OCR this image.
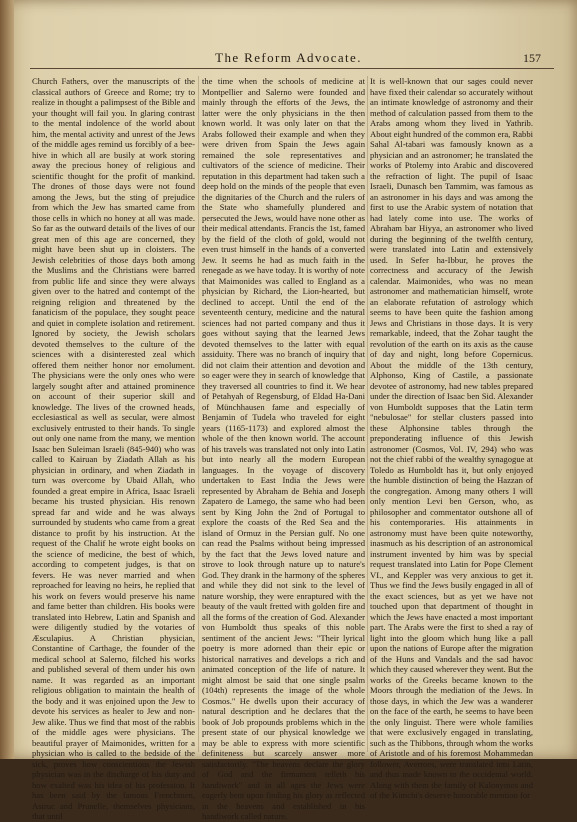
The Reform Advocate.	157

Church Fathers, over the manuscripts of the classical authors of Greece and Rome; try to realize in thought a palimpsest of the Bible and your thought will fail you. In glaring contrast to the mental indolence of the world about him, the mental activity and unrest of the Jews of the middle ages remind us forcibly of a bee-hive in which all are busily at work storing away the precious honey of religious and scientific thought for the profit of mankind. The drones of those days were not found among the Jews, but the sting of prejudice from which the Jew has smarted came from those cells in which no honey at all was made. So far as the outward details of the lives of our great men of this age are concerned, they might have been shut up in cloisters. The Jewish celebrities of those days both among the Muslims and the Christians were barred from public life and since they were always given over to the hatred and contempt of the reigning religion and threatened by the fanaticism of the populace, they sought peace and quiet in complete isolation and retirement. Ignored by society, the Jewish scholars devoted themselves to the culture of the sciences with a disinterested zeal which offered them neither honor nor emolument. The physicians were the only ones who were largely sought after and attained prominence on account of their superior skill and knowledge. The lives of the crowned heads, ecclesiastical as well as secular, were almost exclusively entrusted to their hands. To single out only one name from the many, we mention Isaac ben Suleiman Israeli (845-940) who was called to Kairuan by Ziadath Allah as his physician in ordinary, and when Ziadath in turn was overcome by Ubaid Allah, who founded a great empire in Africa, Isaac Israeli became his trusted physician. His renown spread far and wide and he was always surrounded by students who came from a great distance to profit by his instruction. At the request of the Chalif he wrote eight books on the science of medicine, the best of which, according to competent judges, is that on fevers. He was never married and when reproached for leaving no heirs, he replied that his work on fevers would preserve his name and fame better than children. His books were translated into Hebrew, Latin and Spanish and were diligently studied by the votaries of Æsculapius. A Christian physician, Constantine of Carthage, the founder of the medical school at Salerno, filched his works and published several of them under his own name. It was regarded as an important religious obligation to maintain the health of the body and it was enjoined upon the Jew to devote his services as healer to Jew and non-Jew alike. Thus we find that most of the rabbis of the middle ages were physicians. The beautiful prayer of Maimonides, written for a physician who is called to the bedside of the sick, proves how conscientious the Jewish physician was in the discharge of his duty and how exalted was his idea of his profession. It has been said by the famous Frenchmen, Astruc and Prunelle, themselves physicians, that until

the time when the schools of medicine at Montpellier and Salerno were founded and mainly through the efforts of the Jews, the latter were the only physicians in the then known world. It was only later on that the Arabs followed their example and when they were driven from Spain the Jews again remained the sole representatives and cultivators of the science of medicine. Their reputation in this department had taken such a deep hold on the minds of the people that even the dignitaries of the Church and the rulers of the State who shamefully plundered and persecuted the Jews, would have none other as their medical attendants. Francis the 1st, famed by the field of the cloth of gold, would not even trust himself in the hands of a converted Jew. It seems he had as much faith in the renegade as we have today. It is worthy of note that Maimonides was called to England as a physician by Richard, the Lion-hearted, but declined to accept. Until the end of the seventeenth century, medicine and the natural sciences had not parted company and thus it goes without saying that the learned Jews devoted themselves to the latter with equal assiduity. There was no branch of inquiry that did not claim their attention and devotion and so eager were they in search of knowledge that they traversed all countries to find it. We hear of Petahyah of Regensburg, of Eldad Ha-Dani of Münchhausen fame and especially of Benjamin of Tudela who traveled for eight years (1165-1173) and explored almost the whole of the then known world. The account of his travels was translated not only into Latin but into nearly all the modern European languages. In the voyage of discovery undertaken to East India the Jews were represented by Abraham de Behia and Joseph Zapatero de Lamego, the same who had been sent by King John the 2nd of Portugal to explore the coasts of the Red Sea and the island of Ormuz in the Persian gulf. No one can read the Psalms without being impressed by the fact that the Jews loved nature and strove to look through nature up to nature's God. They drank in the harmony of the spheres and while they did not sink to the level of nature worship, they were enraptured with the beauty of the vault fretted with golden fire and all the forms of the creation of God. Alexander von Humboldt thus speaks of this noble sentiment of the ancient Jews: "Their lyrical poetry is more adorned than their epic or historical narratives and develops a rich and animated conception of the life of nature. It might almost be said that one single psalm (104th) represents the image of the whole Cosmos." He dwells upon their accuracy of natural description and he declares that the book of Job propounds problems which in the present state of our physical knowledge we may be able to express with more scientific definiteness but scarcely answer more satisfactorily. "The heavens declare the glory of God and the firmament telleth his handiwork" and in all ages the Jews were eagerly bent upon finding his glory as reflected in the heavens and established in his handiwork called nature.

It is well-known that our sages could never have fixed their calendar so accurately without an intimate knowledge of astronomy and their method of calculation passed from them to the Arabs among whom they lived in Yathrib. About eight hundred of the common era, Rabbi Sahal Al-tabari was famously known as a physician and an astronomer; he translated the works of Ptolemy into Arabic and discovered the refraction of light. The pupil of Isaac Israeli, Dunasch ben Tammim, was famous as an astronomer in his days and was among the first to use the Arabic system of notation that had lately come into use. The works of Abraham bar Hiyya, an astronomer who lived during the beginning of the twelfth century, were translated into Latin and extensively used. In Sefer ha-Ibbur, he proves the correctness and accuracy of the Jewish calendar. Maimonides, who was no mean astronomer and mathematician himself, wrote an elaborate refutation of astrology which seems to have been quite the fashion among Jews and Christians in those days. It is very remarkable, indeed, that the Zohar taught the revolution of the earth on its axis as the cause of day and night, long before Copernicus. About the middle of the 13th century, Alphonso, King of Castile, a passionate devotee of astronomy, had new tables prepared under the direction of Isaac ben Sid. Alexander von Humboldt supposes that the Latin term "nebulosae" for stellar clusters passed into these Alphonsine tables through the preponderating influence of this Jewish astronomer (Cosmos, Vol. IV, 294) who was not the chief rabbi of the wealthy synagogue at Toledo as Humboldt has it, but only enjoyed the humble distinction of being the Hazzan of the congregation. Among many others I will only mention Levi ben Gerson, who, as philosopher and commentator outshone all of his contemporaries. His attainments in astronomy must have been quite noteworthy, inasmuch as his description of an astronomical instrument invented by him was by special request translated into Latin for Pope Clement VI., and Keppler was very anxious to get it. Thus we find the Jews busily engaged in all of the exact sciences, but as yet we have not touched upon that department of thought in which the Jews have enacted a most important part. The Arabs were the first to shed a ray of light into the gloom which hung like a pall upon the nations of Europe after the migration of the Huns and Vandals and the sad havoc which they caused wherever they went. But the works of the Greeks became known to the Moors through the mediation of the Jews. In those days, in which the Jew was a wanderer on the face of the earth, he seems to have been the only linguist. There were whole families that were exclusively engaged in translating, such as the Thibbons, through whom the works of Aristotle and of his foremost Mohammedan follower, Averroes, were translated into Latin, and thus made known to the occidental world. Along with them the family of Kalonymos and of the Kimchi's deserve honorable mention for
